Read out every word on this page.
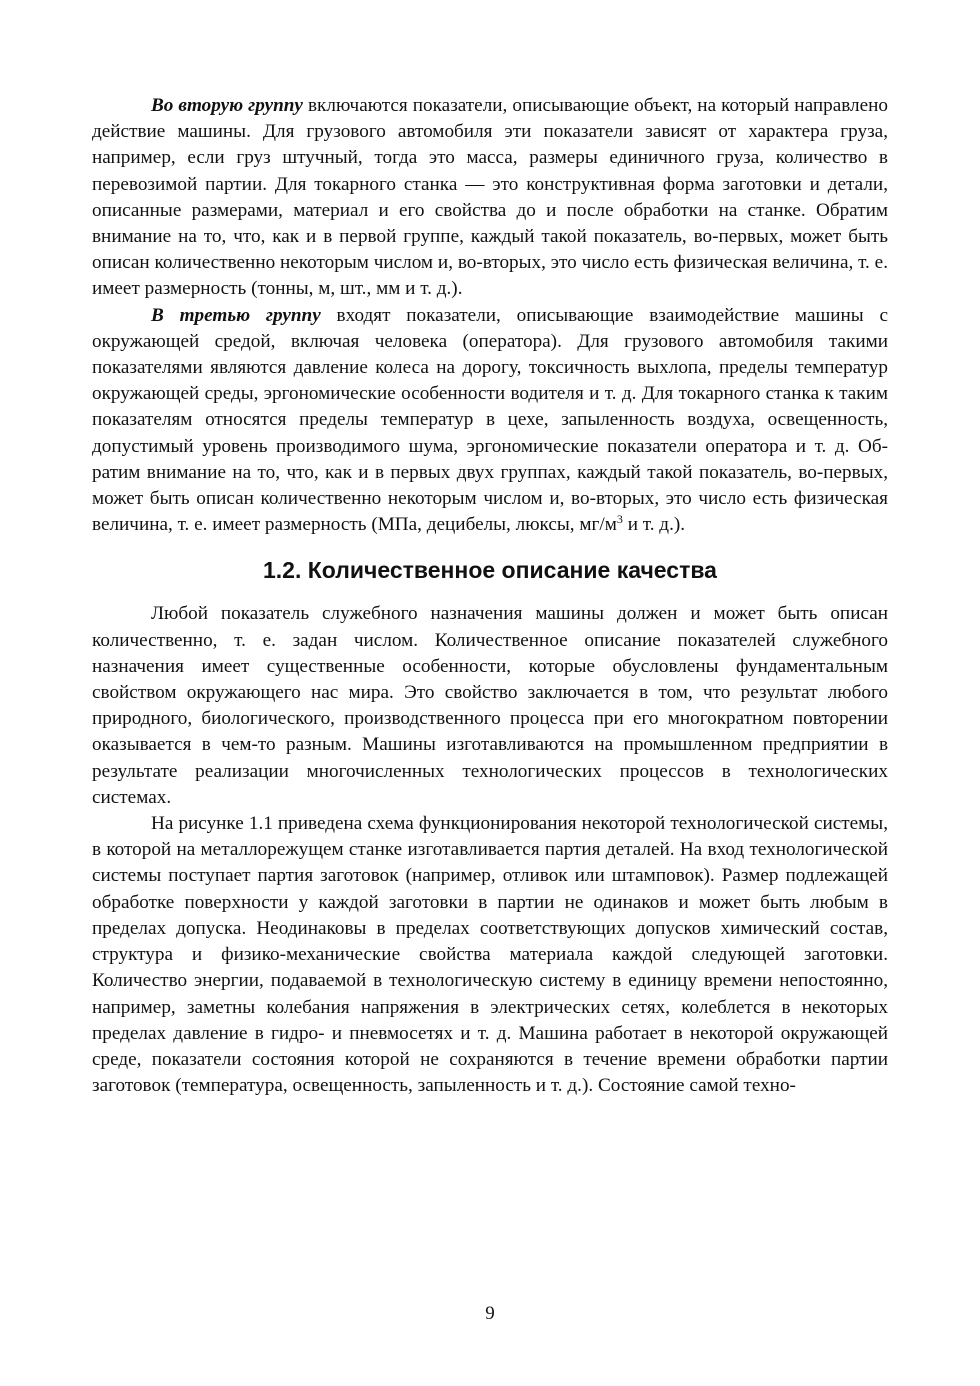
Во вторую группу включаются показатели, описывающие объект, на который направлено действие машины. Для грузового автомобиля эти показатели зависят от характера груза, например, если груз штучный, тогда это масса, размеры единичного груза, количество в перевозимой партии. Для токарного станка — это конструктивная форма заготовки и детали, описанные размерами, материал и его свойства до и после обработки на станке. Обратим внимание на то, что, как и в первой группе, каждый такой показатель, во-первых, может быть описан количественно некоторым числом и, во-вторых, это число есть физическая величина, т. е. имеет размерность (тонны, м, шт., мм и т. д.).

В третью группу входят показатели, описывающие взаимодействие машины с окружающей средой, включая человека (оператора). Для грузового автомобиля такими показателями являются давление колеса на дорогу, токсичность выхлопа, пределы температур окружающей среды, эргономические особенности водителя и т. д. Для токарного станка к таким показателям относятся пределы температур в цехе, запыленность воздуха, освещенность, допустимый уровень производимого шума, эргономические показатели оператора и т. д. Обратим внимание на то, что, как и в первых двух группах, каждый такой показатель, во-первых, может быть описан количественно некоторым числом и, во-вторых, это число есть физическая величина, т. е. имеет размерность (МПа, децибелы, люксы, $мг/м^3$ и т. д.).

1.2. Количественное описание качества

Любой показатель служебного назначения машины должен и может быть описан количественно, т. е. задан числом. Количественное описание показателей служебного назначения имеет существенные особенности, которые обусловлены фундаментальным свойством окружающего нас мира. Это свойство заключается в том, что результат любого природного, биологического, производственного процесса при его многократном повторении оказывается в чем-то разным. Машины изготавливаются на промышленном предприятии в результате реализации многочисленных технологических процессов в технологических системах.

На рисунке 1.1 приведена схема функционирования некоторой технологической системы, в которой на металлорежущем станке изготавливается партия деталей. На вход технологической системы поступает партия заготовок (например, отливок или штамповок). Размер подлежащей обработке поверхности у каждой заготовки в партии не одинаков и может быть любым в пределах допуска. Неодинаковы в пределах соответствующих допусков химический состав, структура и физико-механические свойства материала каждой следующей заготовки. Количество энергии, подаваемой в технологическую систему в единицу времени непостоянно, например, заметны колебания напряжения в электрических сетях, колеблется в некоторых пределах давление в гидро- и пневмосетях и т. д. Машина работает в некоторой окружающей среде, показатели состояния которой не сохраняются в течение времени обработки партии заготовок (температура, освещенность, запыленность и т. д.). Состояние самой техно-

9
